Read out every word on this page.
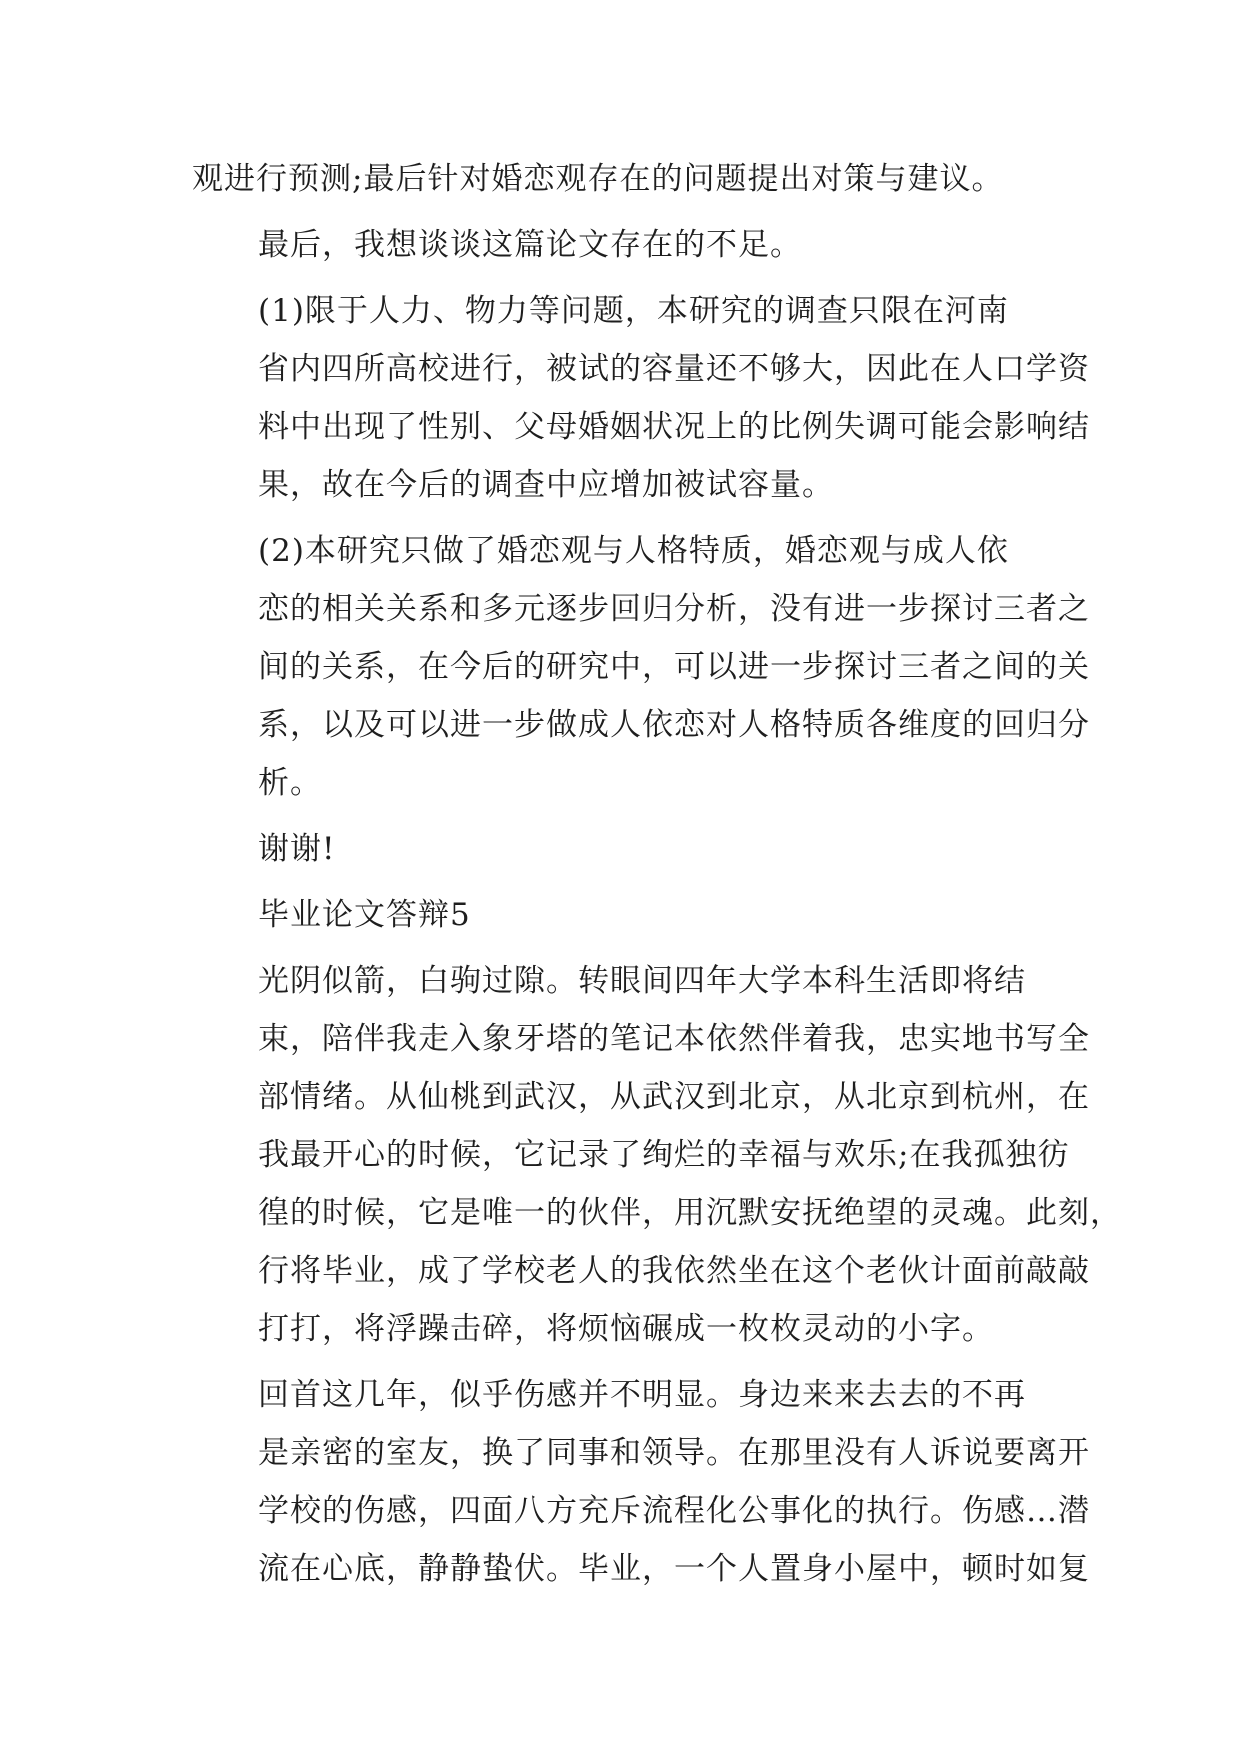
观进行预测;最后针对婚恋观存在的问题提出对策与建议。
最后，我想谈谈这篇论文存在的不足。
(1)限于人力、物力等问题，本研究的调查只限在河南
省内四所高校进行，被试的容量还不够大，因此在人口学资
料中出现了性别、父母婚姻状况上的比例失调可能会影响结
果，故在今后的调查中应增加被试容量。
(2)本研究只做了婚恋观与人格特质，婚恋观与成人依
恋的相关关系和多元逐步回归分析，没有进一步探讨三者之
间的关系，在今后的研究中，可以进一步探讨三者之间的关
系，以及可以进一步做成人依恋对人格特质各维度的回归分
析。
谢谢!
毕业论文答辩5
光阴似箭，白驹过隙。转眼间四年大学本科生活即将结
束，陪伴我走入象牙塔的笔记本依然伴着我，忠实地书写全
部情绪。从仙桃到武汉，从武汉到北京，从北京到杭州，在
我最开心的时候，它记录了绚烂的幸福与欢乐;在我孤独彷
徨的时候，它是唯一的伙伴，用沉默安抚绝望的灵魂。此刻，
行将毕业，成了学校老人的我依然坐在这个老伙计面前敲敲
打打，将浮躁击碎，将烦恼碾成一枚枚灵动的小字。
回首这几年，似乎伤感并不明显。身边来来去去的不再
是亲密的室友，换了同事和领导。在那里没有人诉说要离开
学校的伤感，四面八方充斥流程化公事化的执行。伤感…潜
流在心底，静静蛰伏。毕业，一个人置身小屋中，顿时如复
